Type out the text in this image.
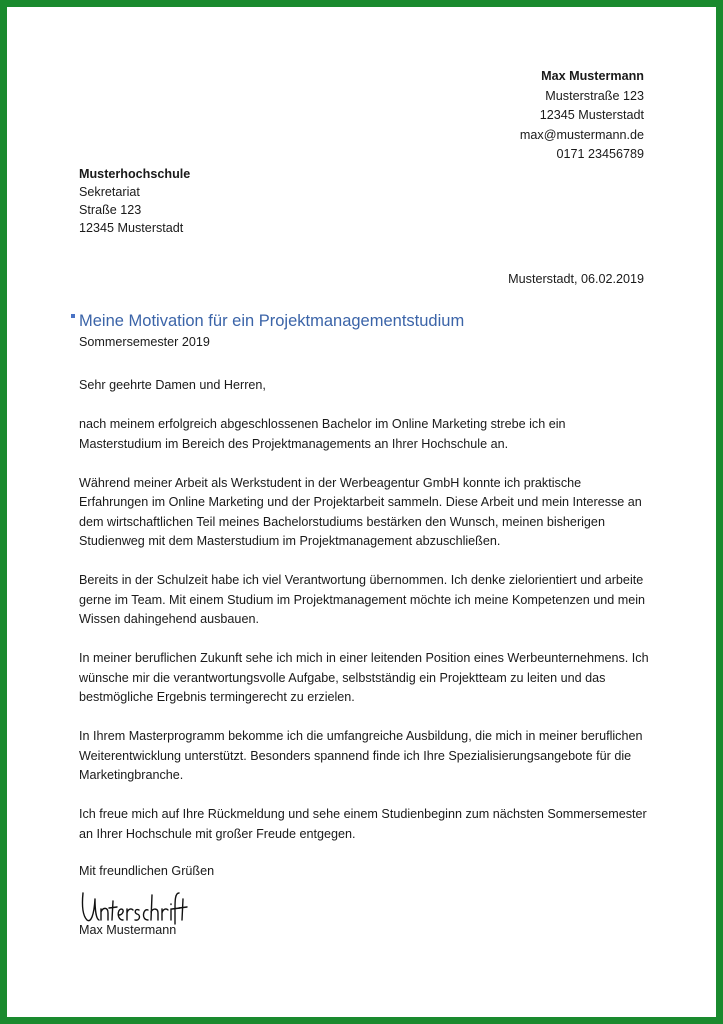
Max Mustermann
Musterstraße 123
12345 Musterstadt
max@mustermann.de
0171 23456789
Musterhochschule
Sekretariat
Straße 123
12345 Musterstadt
Musterstadt, 06.02.2019
Meine Motivation für ein Projektmanagementstudium
Sommersemester 2019

Sehr geehrte Damen und Herren,

nach meinem erfolgreich abgeschlossenen Bachelor im Online Marketing strebe ich ein Masterstudium im Bereich des Projektmanagements an Ihrer Hochschule an.

Während meiner Arbeit als Werkstudent in der Werbeagentur GmbH konnte ich praktische Erfahrungen im Online Marketing und der Projektarbeit sammeln. Diese Arbeit und mein Interesse an dem wirtschaftlichen Teil meines Bachelorstudiums bestärken den Wunsch, meinen bisherigen Studienweg mit dem Masterstudium im Projektmanagement abzuschließen.

Bereits in der Schulzeit habe ich viel Verantwortung übernommen. Ich denke zielorientiert und arbeite gerne im Team. Mit einem Studium im Projektmanagement möchte ich meine Kompetenzen und mein Wissen dahingehend ausbauen.

In meiner beruflichen Zukunft sehe ich mich in einer leitenden Position eines Werbeunternehmens. Ich wünsche mir die verantwortungsvolle Aufgabe, selbstständig ein Projektteam zu leiten und das bestmögliche Ergebnis termingerecht zu erzielen.

In Ihrem Masterprogramm bekomme ich die umfangreiche Ausbildung, die mich in meiner beruflichen Weiterentwicklung unterstützt. Besonders spannend finde ich Ihre Spezialisierungsangebote für die Marketingbranche.

Ich freue mich auf Ihre Rückmeldung und sehe einem Studienbeginn zum nächsten Sommersemester an Ihrer Hochschule mit großer Freude entgegen.

Mit freundlichen Grüßen
Max Mustermann
